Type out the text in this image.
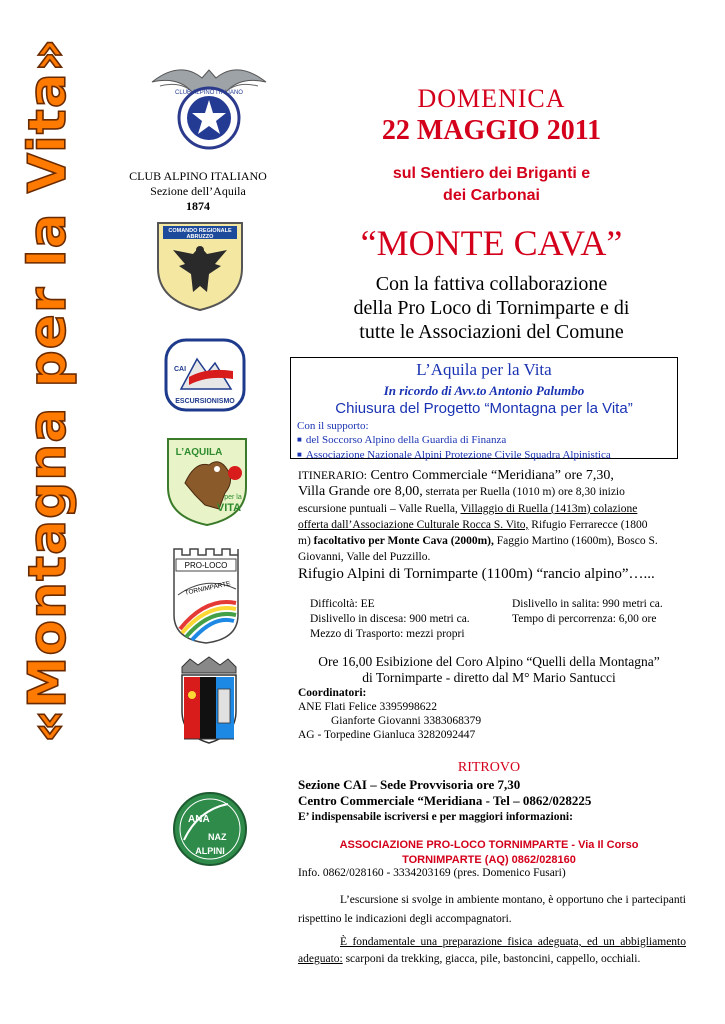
«Montagna per la Vita»	CLUB ALPINO ITALIANO
CLUB ALPINO ITALIANO
Sezione dell’Aquila
1874
COMANDO REGIONALE
ABRUZZO
CAI
ESCURSIONISMO
L’AQUILA
per la
VITA
PRO-LOCO
TORNIMPARTE
ANA
NAZ
ALPINI
DOMENICA
22 MAGGIO 2011
sul Sentiero dei Briganti e
dei Carbonai
“MONTE CAVA”
Con la fattiva collaborazione
della Pro Loco di Tornimparte e di
tutte le Associazioni del Comune
L’Aquila per la Vita
In ricordo di Avv.to Antonio Palumbo
Chiusura del Progetto “Montagna per la Vita”
Con il supporto:
■ del Soccorso Alpino della Guardia di Finanza
■ Associazione Nazionale Alpini Protezione Civile Squadra Alpinistica
ITINERARIO: Centro Commerciale “Meridiana” ore 7,30,
Villa Grande ore 8,00, sterrata per Ruella (1010 m) ore 8,30 inizio
escursione puntuali – Valle Ruella, Villaggio di Ruella (1413m) colazione
offerta dall’Associazione Culturale Rocca S. Vito, Rifugio Ferrarecce (1800
m) facoltativo per Monte Cava (2000m), Faggio Martino (1600m), Bosco S.
Giovanni, Valle del Puzzillo.
Rifugio Alpini di Tornimparte (1100m) “rancio alpino”…...
Difficoltà: EE
Dislivello in discesa: 900 metri ca.
Mezzo di Trasporto: mezzi propri
Dislivello in salita: 990 metri ca.
Tempo di percorrenza: 6,00 ore
Ore 16,00 Esibizione del Coro Alpino “Quelli della Montagna”
di Tornimparte - diretto dal M° Mario Santucci
Coordinatori:
ANE Flati Felice 3395998622
Gianforte Giovanni 3383068379
AG - Torpedine Gianluca 3282092447
RITROVO
Sezione CAI – Sede Provvisoria ore 7,30
Centro Commerciale “Meridiana - Tel – 0862/028225
E’ indispensabile iscriversi e per maggiori informazioni:
ASSOCIAZIONE PRO-LOCO TORNIMPARTE - Via Il Corso
TORNIMPARTE (AQ) 0862/028160
Info. 0862/028160 - 3334203169 (pres. Domenico Fusari)
L’escursione si svolge in ambiente montano, è opportuno che i partecipanti rispettino le indicazioni degli accompagnatori.
È fondamentale una preparazione fisica adeguata, ed un abbigliamento adeguato: scarponi da trekking, giacca, pile, bastoncini, cappello, occhiali.
